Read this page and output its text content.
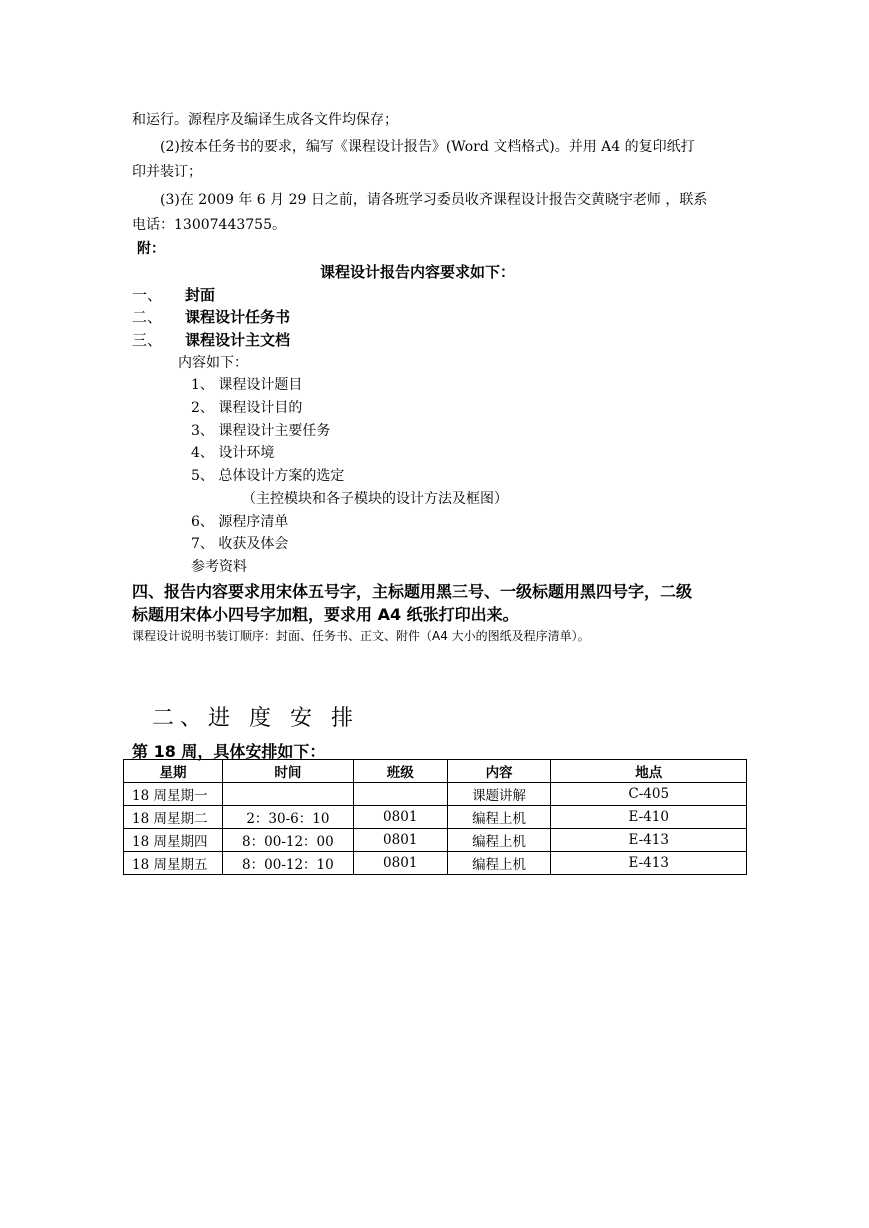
和运行。源程序及编译生成各文件均保存；
(2)按本任务书的要求，编写《课程设计报告》(Word 文档格式)。并用 A4 的复印纸打
印并装订；
(3)在 2009 年 6 月 29 日之前，请各班学习委员收齐课程设计报告交黄晓宇老师 ，联系
电话：13007443755。
附：
课程设计报告内容要求如下：
一、 封面
二、 课程设计任务书
三、 课程设计主文档
内容如下：
1、 课程设计题目
2、 课程设计目的
3、 课程设计主要任务
4、 设计环境
5、 总体设计方案的选定
（主控模块和各子模块的设计方法及框图）
6、 源程序清单
7、 收获及体会
参考资料
四、报告内容要求用宋体五号字，主标题用黑三号、一级标题用黑四号字，二级
标题用宋体小四号字加粗，要求用 A4 纸张打印出来。
课程设计说明书装订顺序：封面、任务书、正文、附件（A4 大小的图纸及程序清单）。
二、进 度 安 排
第 18 周，具体安排如下：
星期	时间	班级	内容	地点
18 周星期一			课题讲解	C-405
18 周星期二	2：30-6：10	0801	编程上机	E-410
18 周星期四	8：00-12：00	0801	编程上机	E-413
18 周星期五	8：00-12：10	0801	编程上机	E-413
